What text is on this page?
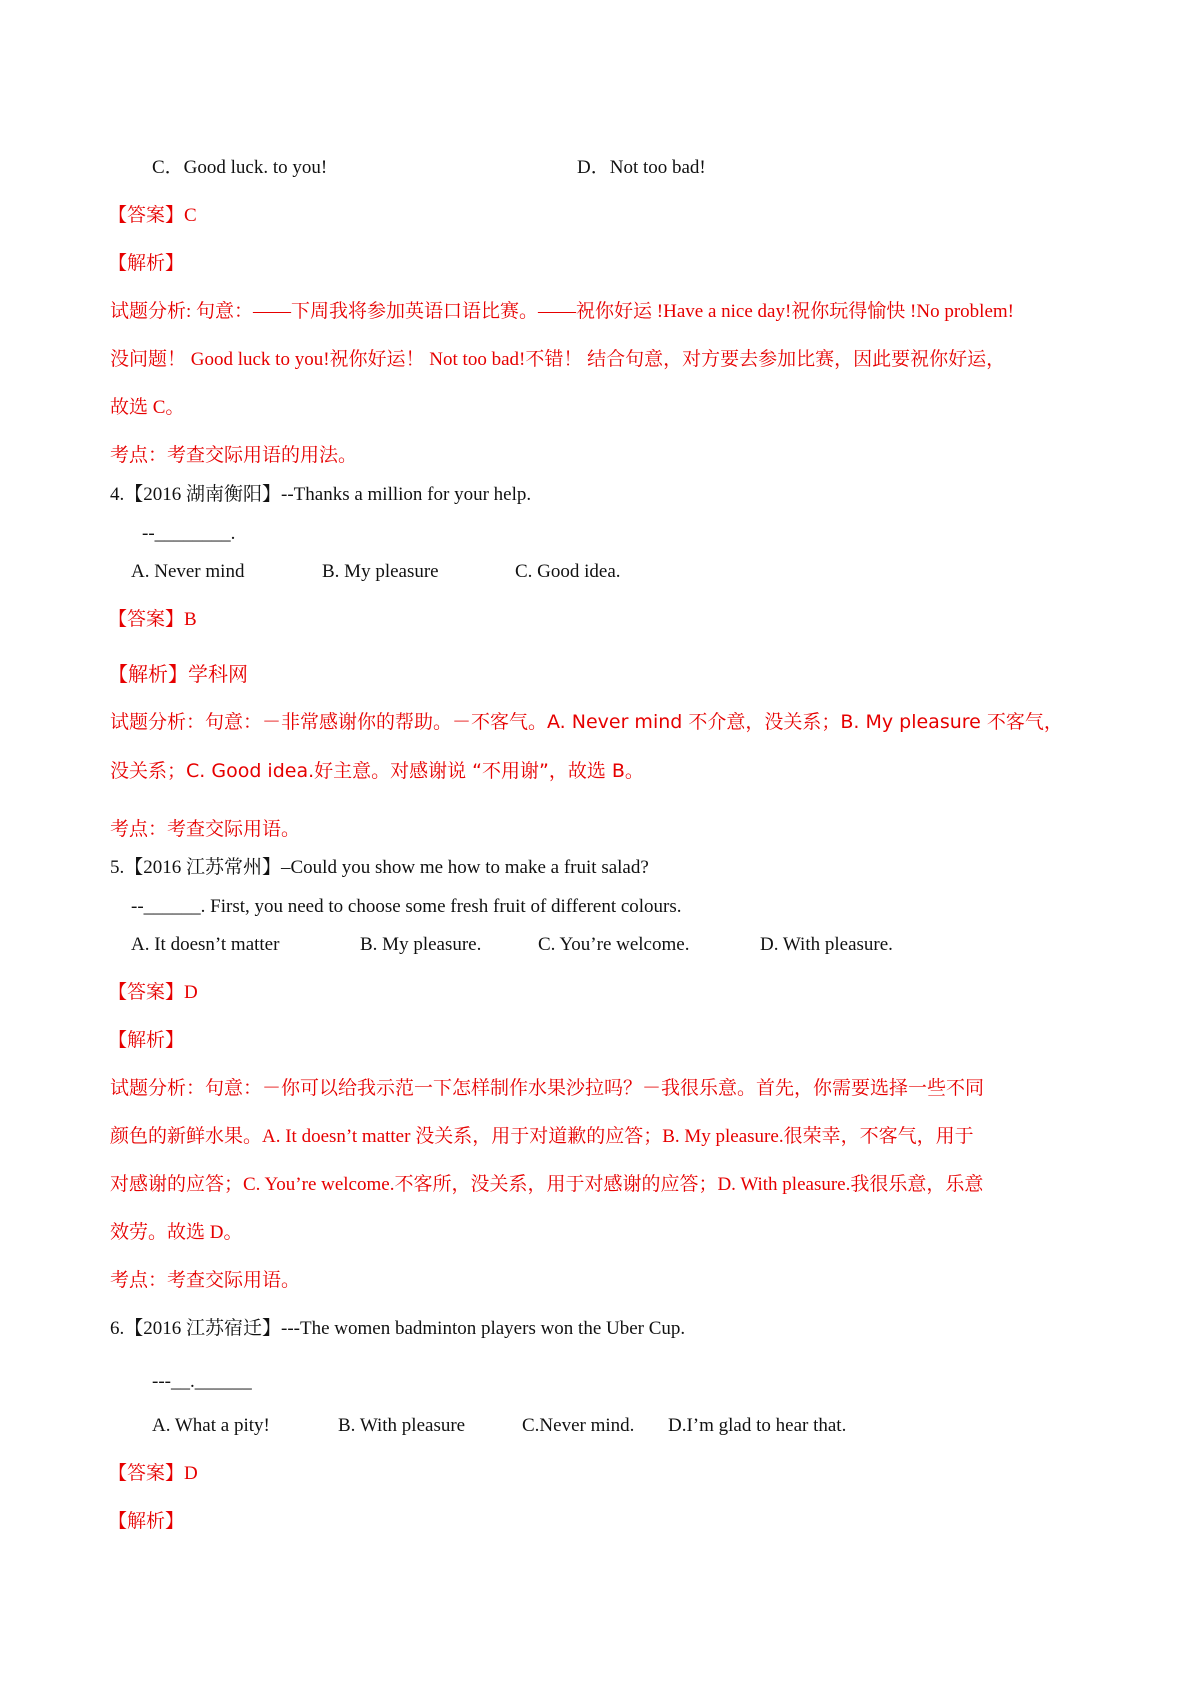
C．Good luck. to you!	D．Not too bad!
【答案】C
【解析】
试题分析: 句意：——下周我将参加英语口语比赛。——祝你好运 !Have a nice day!祝你玩得愉快 !No problem!
没问题！ Good luck to you!祝你好运！ Not too bad!不错！ 结合句意，对方要去参加比赛，因此要祝你好运，
故选 C。
考点：考查交际用语的用法。
4.【2016 湖南衡阳】--Thanks a million for your help.
--________.
A. Never mind	B. My pleasure	C. Good idea.
【答案】B
【解析】学科网
试题分析：句意：－非常感谢你的帮助。－不客气。A. Never mind 不介意，没关系；B. My pleasure 不客气，
没关系；C. Good idea.好主意。对感谢说 “不用谢”，故选 B。
考点：考查交际用语。
5.【2016 江苏常州】–Could you show me how to make a fruit salad?
--______. First, you need to choose some fresh fruit of different colours.
A. It doesn’t matter	B. My pleasure.	C. You’re welcome.	D. With pleasure.
【答案】D
【解析】
试题分析：句意：－你可以给我示范一下怎样制作水果沙拉吗？－我很乐意。首先，你需要选择一些不同
颜色的新鲜水果。A. It doesn’t matter 没关系，用于对道歉的应答；B. My pleasure.很荣幸，不客气，用于
对感谢的应答；C. You’re welcome.不客所，没关系，用于对感谢的应答；D. With pleasure.我很乐意，乐意
效劳。故选 D。
考点：考查交际用语。
6.【2016 江苏宿迁】---The women badminton players won the Uber Cup.
---__.______
A. What a pity!	B. With pleasure	C.Never mind. D.I’m glad to hear that.
【答案】D
【解析】
